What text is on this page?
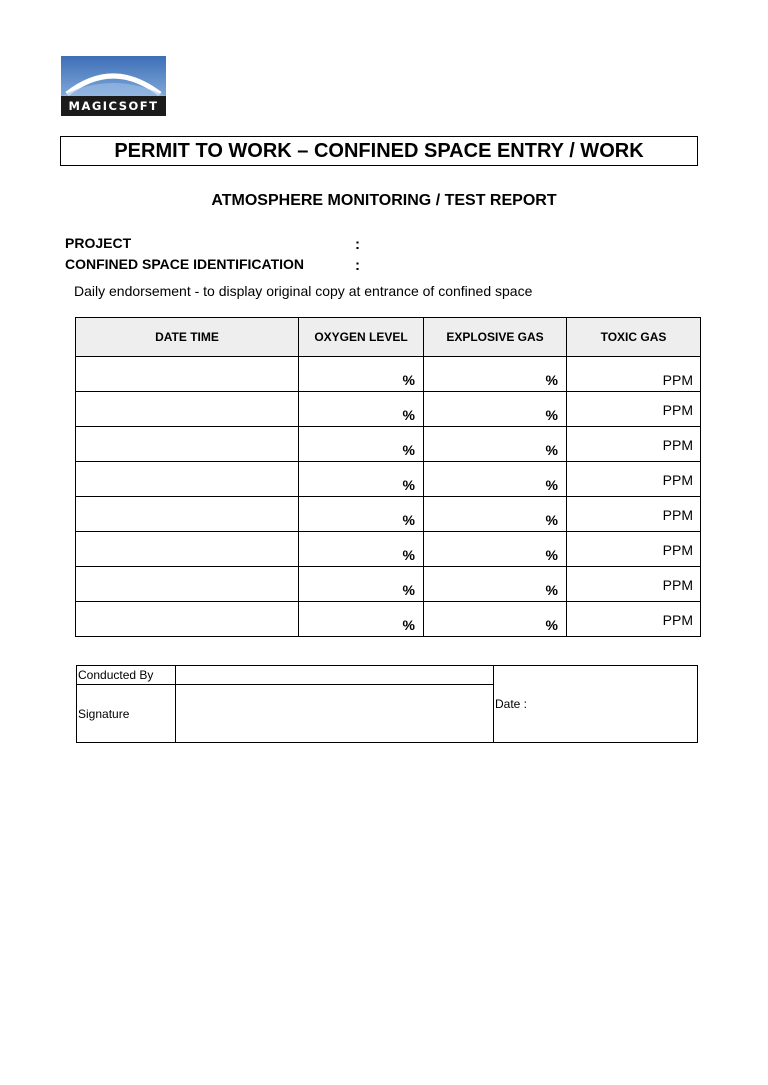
MAGICSOFT
PERMIT TO WORK – CONFINED SPACE ENTRY / WORK
ATMOSPHERE MONITORING / TEST REPORT
PROJECT	:
CONFINED SPACE IDENTIFICATION	:
Daily endorsement - to display original copy at entrance of confined space
DATE TIME	OXYGEN LEVEL	EXPLOSIVE GAS	TOXIC GAS

	%	%	PPM

	%	%	PPM

	%	%	PPM

	%	%	PPM

	%	%	PPM

	%	%	PPM

	%	%	PPM

	%	%	PPM
Conducted By		Date :
Signature		
